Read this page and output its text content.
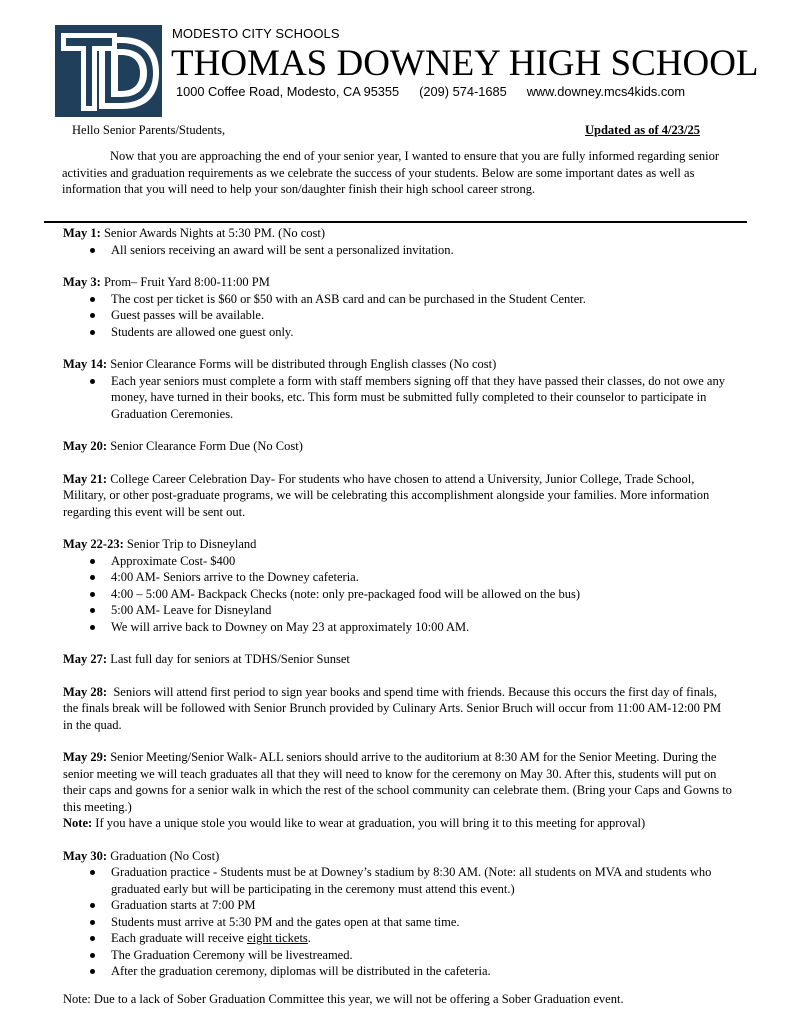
MODESTO CITY SCHOOLS
THOMAS DOWNEY HIGH SCHOOL
1000 Coffee Road, Modesto, CA 95355 (209) 574-1685 www.downey.mcs4kids.com
Hello Senior Parents/Students,	Updated as of 4/23/25
Now that you are approaching the end of your senior year, I wanted to ensure that you are fully informed regarding senior activities and graduation requirements as we celebrate the success of your students. Below are some important dates as well as information that you will need to help your son/daughter finish their high school career strong.

May 1: Senior Awards Nights at 5:30 PM. (No cost)

All seniors receiving an award will be sent a personalized invitation.

May 3: Prom– Fruit Yard 8:00-11:00 PM

The cost per ticket is $60 or $50 with an ASB card and can be purchased in the Student Center.
Guest passes will be available.
Students are allowed one guest only.

May 14: Senior Clearance Forms will be distributed through English classes (No cost)

Each year seniors must complete a form with staff members signing off that they have passed their classes, do not owe any money, have turned in their books, etc. This form must be submitted fully completed to their counselor to participate in Graduation Ceremonies.

May 20: Senior Clearance Form Due (No Cost)

May 21: College Career Celebration Day- For students who have chosen to attend a University, Junior College, Trade School, Military, or other post-graduate programs, we will be celebrating this accomplishment alongside your families. More information regarding this event will be sent out.

May 22-23: Senior Trip to Disneyland

Approximate Cost- $400
4:00 AM- Seniors arrive to the Downey cafeteria.
4:00 – 5:00 AM- Backpack Checks (note: only pre-packaged food will be allowed on the bus)
5:00 AM- Leave for Disneyland
We will arrive back to Downey on May 23 at approximately 10:00 AM.

May 27: Last full day for seniors at TDHS/Senior Sunset

May 28:  Seniors will attend first period to sign year books and spend time with friends. Because this occurs the first day of finals, the finals break will be followed with Senior Brunch provided by Culinary Arts. Senior Bruch will occur from 11:00 AM-12:00 PM in the quad.

May 29: Senior Meeting/Senior Walk- ALL seniors should arrive to the auditorium at 8:30 AM for the Senior Meeting. During the senior meeting we will teach graduates all that they will need to know for the ceremony on May 30. After this, students will put on their caps and gowns for a senior walk in which the rest of the school community can celebrate them. (Bring your Caps and Gowns to this meeting.)

Note: If you have a unique stole you would like to wear at graduation, you will bring it to this meeting for approval)

May 30: Graduation (No Cost)

Graduation practice - Students must be at Downey’s stadium by 8:30 AM. (Note: all students on MVA and students who graduated early but will be participating in the ceremony must attend this event.)
Graduation starts at 7:00 PM
Students must arrive at 5:30 PM and the gates open at that same time.
Each graduate will receive eight tickets.
The Graduation Ceremony will be livestreamed.
After the graduation ceremony, diplomas will be distributed in the cafeteria.
Note: Due to a lack of Sober Graduation Committee this year, we will not be offering a Sober Graduation event.
